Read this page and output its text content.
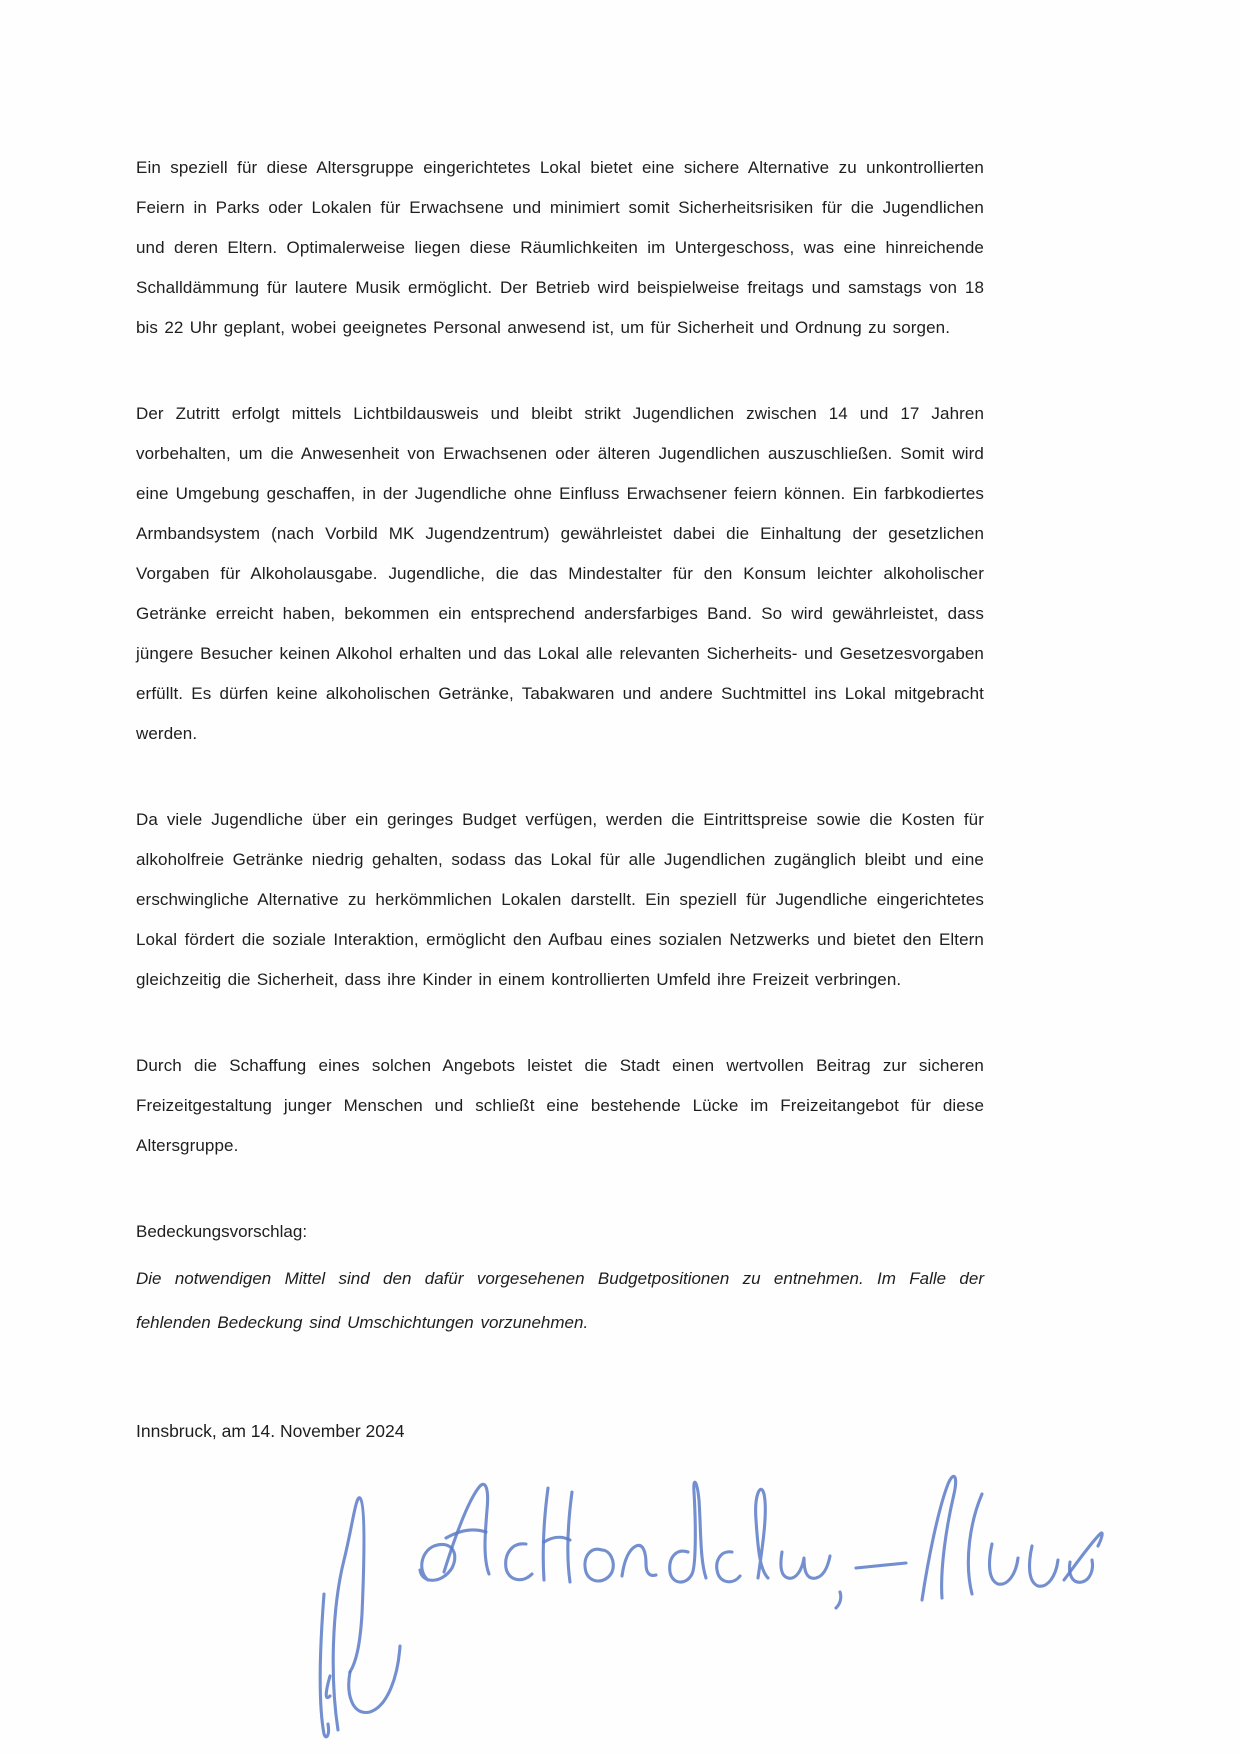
Ein speziell für diese Altersgruppe eingerichtetes Lokal bietet eine sichere Alternative zu unkontrollierten Feiern in Parks oder Lokalen für Erwachsene und minimiert somit Sicherheitsrisiken für die Jugendlichen und deren Eltern. Optimalerweise liegen diese Räumlichkeiten im Untergeschoss, was eine hinreichende Schalldämmung für lautere Musik ermöglicht. Der Betrieb wird beispielweise freitags und samstags von 18 bis 22 Uhr geplant, wobei geeignetes Personal anwesend ist, um für Sicherheit und Ordnung zu sorgen.

Der Zutritt erfolgt mittels Lichtbildausweis und bleibt strikt Jugendlichen zwischen 14 und 17 Jahren vorbehalten, um die Anwesenheit von Erwachsenen oder älteren Jugendlichen auszuschließen. Somit wird eine Umgebung geschaffen, in der Jugendliche ohne Einfluss Erwachsener feiern können. Ein farbkodiertes Armbandsystem (nach Vorbild MK Jugendzentrum) gewährleistet dabei die Einhaltung der gesetzlichen Vorgaben für Alkoholausgabe. Jugendliche, die das Mindestalter für den Konsum leichter alkoholischer Getränke erreicht haben, bekommen ein entsprechend andersfarbiges Band. So wird gewährleistet, dass jüngere Besucher keinen Alkohol erhalten und das Lokal alle relevanten Sicherheits- und Gesetzesvorgaben erfüllt. Es dürfen keine alkoholischen Getränke, Tabakwaren und andere Suchtmittel ins Lokal mitgebracht werden.

Da viele Jugendliche über ein geringes Budget verfügen, werden die Eintrittspreise sowie die Kosten für alkoholfreie Getränke niedrig gehalten, sodass das Lokal für alle Jugendlichen zugänglich bleibt und eine erschwingliche Alternative zu herkömmlichen Lokalen darstellt. Ein speziell für Jugendliche eingerichtetes Lokal fördert die soziale Interaktion, ermöglicht den Aufbau eines sozialen Netzwerks und bietet den Eltern gleichzeitig die Sicherheit, dass ihre Kinder in einem kontrollierten Umfeld ihre Freizeit verbringen.

Durch die Schaffung eines solchen Angebots leistet die Stadt einen wertvollen Beitrag zur sicheren Freizeitgestaltung junger Menschen und schließt eine bestehende Lücke im Freizeitangebot für diese Altersgruppe.

Bedeckungsvorschlag:

Die notwendigen Mittel sind den dafür vorgesehenen Budgetpositionen zu entnehmen. Im Falle der fehlenden Bedeckung sind Umschichtungen vorzunehmen.

Innsbruck, am 14. November 2024
